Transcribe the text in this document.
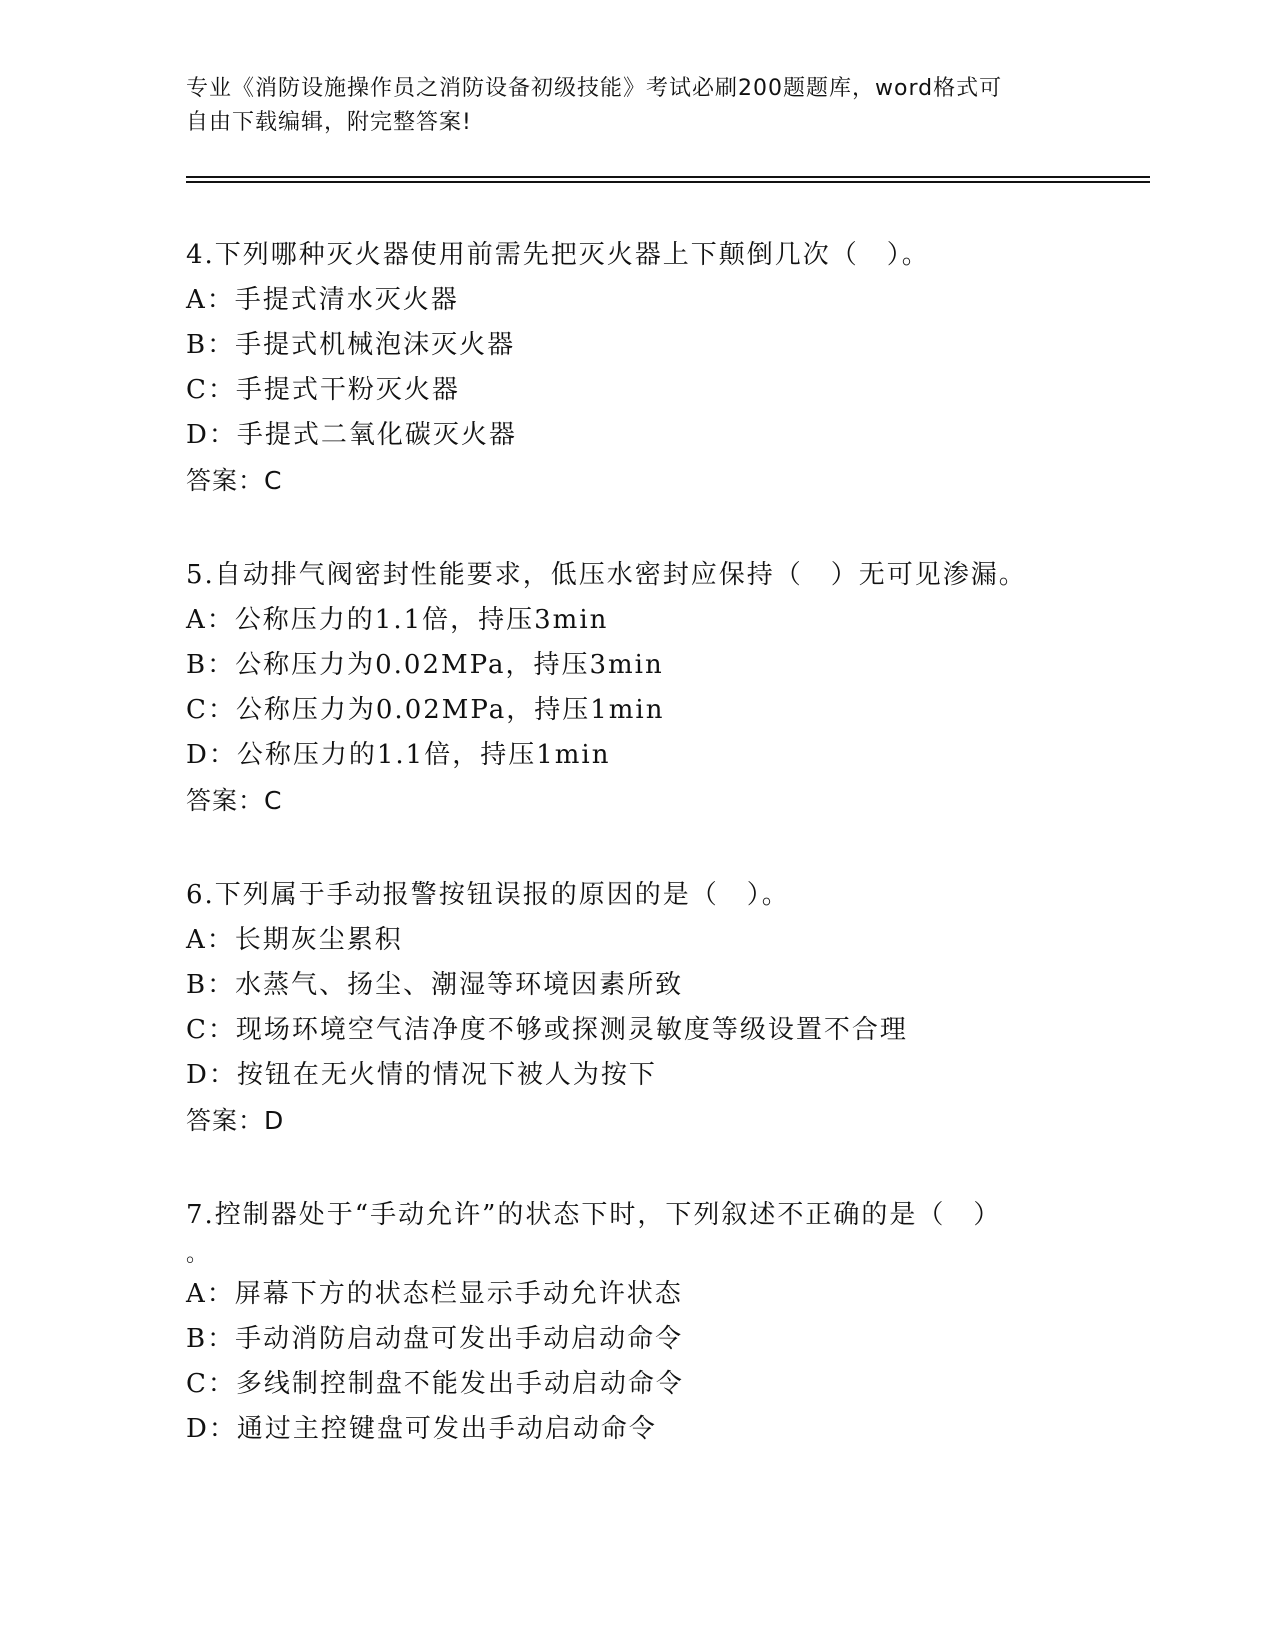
专业《消防设施操作员之消防设备初级技能》考试必刷200题题库，word格式可
自由下载编辑，附完整答案!
4.下列哪种灭火器使用前需先把灭火器上下颠倒几次（　）。
A：手提式清水灭火器
B：手提式机械泡沫灭火器
C：手提式干粉灭火器
D：手提式二氧化碳灭火器
答案：C
5.自动排气阀密封性能要求，低压水密封应保持（　）无可见渗漏。
A：公称压力的1.1倍，持压3min
B：公称压力为0.02MPa，持压3min
C：公称压力为0.02MPa，持压1min
D：公称压力的1.1倍，持压1min
答案：C
6.下列属于手动报警按钮误报的原因的是（　）。
A：长期灰尘累积
B：水蒸气、扬尘、潮湿等环境因素所致
C：现场环境空气洁净度不够或探测灵敏度等级设置不合理
D：按钮在无火情的情况下被人为按下
答案：D
7.控制器处于“手动允许”的状态下时，下列叙述不正确的是（　）
。
A：屏幕下方的状态栏显示手动允许状态
B：手动消防启动盘可发出手动启动命令
C：多线制控制盘不能发出手动启动命令
D：通过主控键盘可发出手动启动命令
